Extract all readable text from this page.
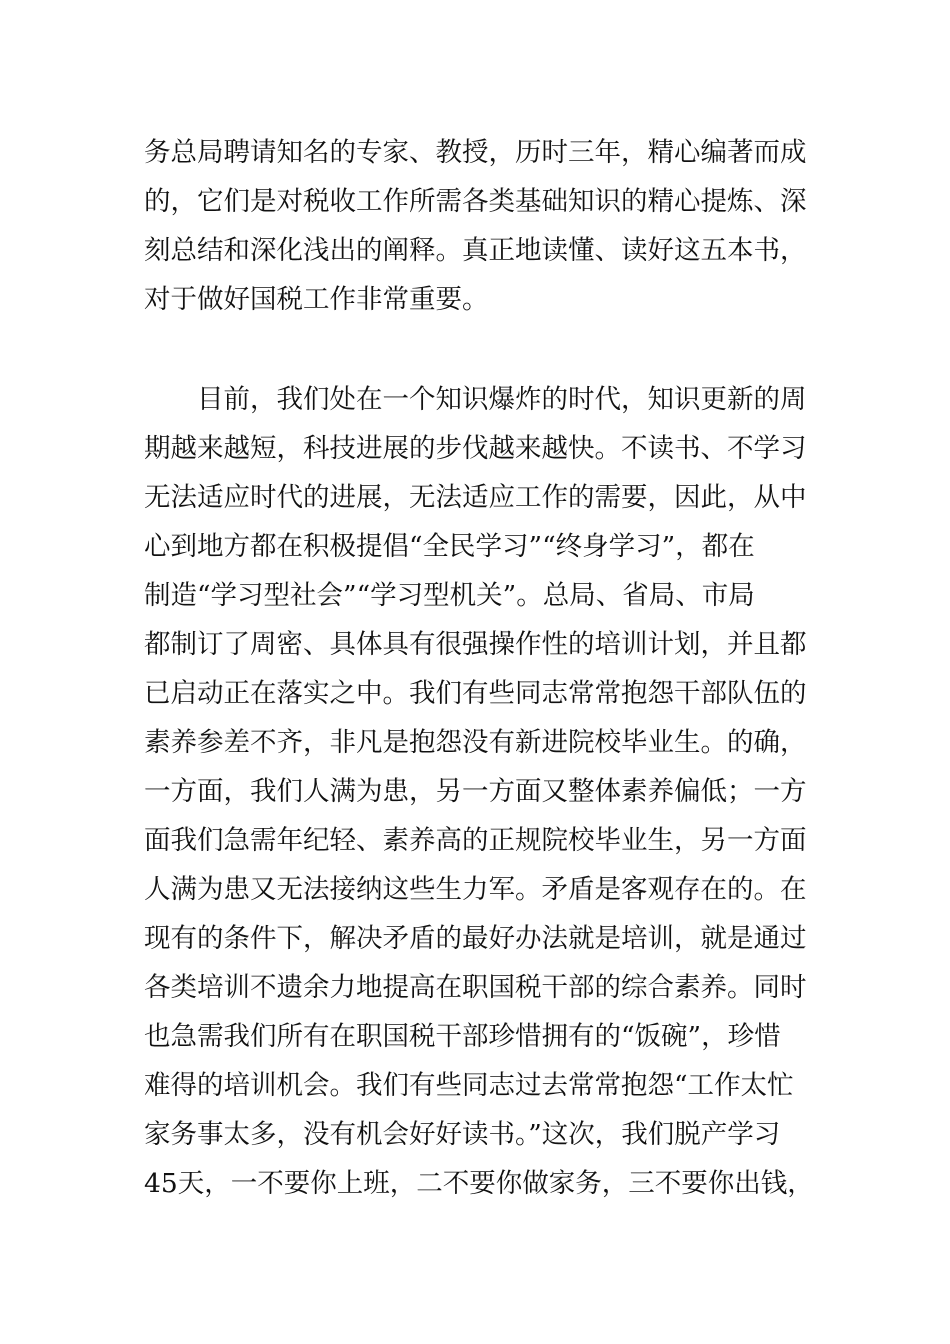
务总局聘请知名的专家、教授，历时三年，精心编著而成
的，它们是对税收工作所需各类基础知识的精心提炼、深
刻总结和深化浅出的阐释。真正地读懂、读好这五本书，
对于做好国税工作非常重要。
目前，我们处在一个知识爆炸的时代，知识更新的周
期越来越短，科技进展的步伐越来越快。不读书、不学习
无法适应时代的进展，无法适应工作的需要，因此，从中
心到地方都在积极提倡“全民学习”“终身学习”，都在
制造“学习型社会”“学习型机关”。总局、省局、市局
都制订了周密、具体具有很强操作性的培训计划，并且都
已启动正在落实之中。我们有些同志常常抱怨干部队伍的
素养参差不齐，非凡是抱怨没有新进院校毕业生。的确，
一方面，我们人满为患，另一方面又整体素养偏低；一方
面我们急需年纪轻、素养高的正规院校毕业生，另一方面
人满为患又无法接纳这些生力军。矛盾是客观存在的。在
现有的条件下，解决矛盾的最好办法就是培训，就是通过
各类培训不遗余力地提高在职国税干部的综合素养。同时
也急需我们所有在职国税干部珍惜拥有的“饭碗”，珍惜
难得的培训机会。我们有些同志过去常常抱怨“工作太忙
家务事太多，没有机会好好读书。”这次，我们脱产学习
45天，一不要你上班，二不要你做家务，三不要你出钱，
